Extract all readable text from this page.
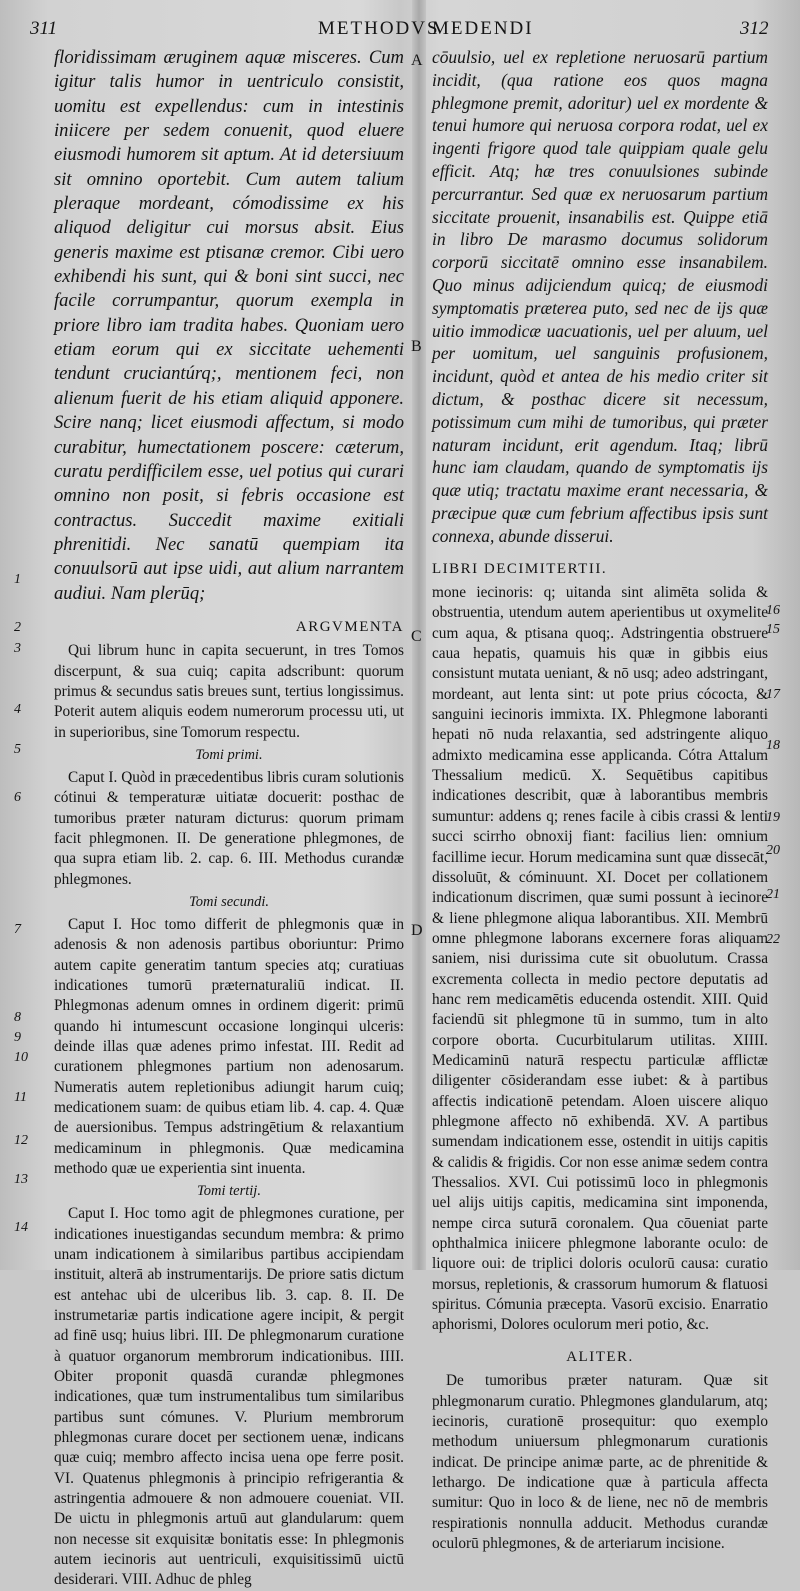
311	METHODVS
MEDENDI	312

floridissimam æruginem aquæ misceres. Cum igitur talis humor in uentriculo consistit, uomitu est expellendus: cum in intestinis iniicere per sedem conuenit, quod eluere eiusmodi humorem sit aptum. At id detersiuum sit omnino oportebit. Cum autem talium pleraque mordeant, cómodissime ex his aliquod deligitur cui morsus absit. Eius generis maxime est ptisanæ cremor. Cibi uero exhibendi his sunt, qui & boni sint succi, nec facile corrumpantur, quorum exempla in priore libro iam tradita habes. Quoniam uero etiam eorum qui ex siccitate uehementi tendunt cruciantúrq;, mentionem feci, non alienum fuerit de his etiam aliquid apponere. Scire nanq; licet eiusmodi affectum, si modo curabitur, humectationem poscere: cæterum, curatu perdifficilem esse, uel potius qui curari omnino non posit, si febris occasione est contractus. Succedit maxime exitiali phrenitidi. Nec sanatū quempiam ita conuulsorū aut ipse uidi, aut alium narrantem audiui. Nam plerūq;

ARGVMENTA

Qui librum hunc in capita secuerunt, in tres Tomos discerpunt, & sua cuiq; capita adscribunt: quorum primus & secundus satis breues sunt, tertius longissimus. Poterit autem aliquis eodem numerorum processu uti, ut in superioribus, sine Tomorum respectu.

Tomi primi.

Caput I. Quòd in præcedentibus libris curam solutionis cótinui & temperaturæ uitiatæ docuerit: posthac de tumoribus præter naturam dicturus: quorum primam facit phlegmonen. II. De generatione phlegmones, de qua supra etiam lib. 2. cap. 6. III. Methodus curandæ phlegmones.

Tomi secundi.

Caput I. Hoc tomo differit de phlegmonis quæ in adenosis & non adenosis partibus oboriuntur: Primo autem capite generatim tantum species atq; curatiuas indicationes tumorū præternaturaliū indicat. II. Phlegmonas adenum omnes in ordinem digerit: primū quando hi intumescunt occasione longinqui ulceris: deinde illas quæ adenes primo infestat. III. Redit ad curationem phlegmones partium non adenosarum. Numeratis autem repletionibus adiungit harum cuiq; medicationem suam: de quibus etiam lib. 4. cap. 4. Quæ de auersionibus. Tempus adstringētium & relaxantium medicaminum in phlegmonis. Quæ medicamina methodo quæ ue experientia sint inuenta.

Tomi tertij.

Caput I. Hoc tomo agit de phlegmones curatione, per indicationes inuestigandas secundum membra: & primo unam indicationem à similaribus partibus accipiendam instituit, alterā ab instrumentarijs. De priore satis dictum est antehac ubi de ulceribus lib. 3. cap. 8. II. De instrumetariæ partis indicatione agere incipit, & pergit ad finē usq; huius libri. III. De phlegmonarum curatione à quatuor organorum membrorum indicationibus. IIII. Obiter proponit quasdā curandæ phlegmones indicationes, quæ tum instrumentalibus tum similaribus partibus sunt cómunes. V. Plurium membrorum phlegmonas curare docet per sectionem uenæ, indicans quæ cuiq; membro affecto incisa uena ope ferre posit. VI. Quatenus phlegmonis à principio refrigerantia & astringentia admouere & non admouere coueniat. VII. De uictu in phlegmonis artuū aut glandularum: quem non necesse sit exquisitæ bonitatis esse: In phlegmonis autem iecinoris aut uentriculi, exquisitissimū uictū desiderari. VIII. Adhuc de phleg

A
B
C
D
1
2
3
4
5
6
7
8
9
10
11
12
13
14

cōuulsio, uel ex repletione neruosarū partium incidit, (qua ratione eos quos magna phlegmone premit, adoritur) uel ex mordente & tenui humore qui neruosa corpora rodat, uel ex ingenti frigore quod tale quippiam quale gelu efficit. Atq; hæ tres conuulsiones subinde percurrantur. Sed quæ ex neruosarum partium siccitate prouenit, insanabilis est. Quippe etiā in libro De marasmo documus solidorum corporū siccitatē omnino esse insanabilem. Quo minus adijciendum quicq; de eiusmodi symptomatis præterea puto, sed nec de ijs quæ uitio immodicæ uacuationis, uel per aluum, uel per uomitum, uel sanguinis profusionem, incidunt, quòd et antea de his medio criter sit dictum, & posthac dicere sit necessum, potissimum cum mihi de tumoribus, qui præter naturam incidunt, erit agendum. Itaq; librū hunc iam claudam, quando de symptomatis ijs quæ utiq; tractatu maxime erant necessaria, & præcipue quæ cum febrium affectibus ipsis sunt connexa, abunde disserui.

LIBRI DECIMITERTII.

mone iecinoris: q; uitanda sint alimēta solida & obstruentia, utendum autem aperientibus ut oxymelite cum aqua, & ptisana quoq;. Adstringentia obstruere caua hepatis, quamuis his quæ in gibbis eius consistunt mutata ueniant, & nō usq; adeo adstringant, mordeant, aut lenta sint: ut pote prius cócocta, & sanguini iecinoris immixta. IX. Phlegmone laboranti hepati nō nuda relaxantia, sed adstringente aliquo admixto medicamina esse applicanda. Cótra Attalum Thessalium medicū. X. Sequētibus capitibus indicationes describit, quæ à laborantibus membris sumuntur: addens q; renes facile à cibis crassi & lenti succi scirrho obnoxij fiant: facilius lien: omnium facillime iecur. Horum medicamina sunt quæ dissecāt, dissoluūt, & cóminuunt. XI. Docet per collationem indicationum discrimen, quæ sumi possunt à iecinore & liene phlegmone aliqua laborantibus. XII. Membrū omne phlegmone laborans excernere foras aliquam saniem, nisi durissima cute sit obuolutum. Crassa excrementa collecta in medio pectore deputatis ad hanc rem medicamētis educenda ostendit. XIII. Quid faciendū sit phlegmone tū in summo, tum in alto corpore oborta. Cucurbitularum utilitas. XIIII. Medicaminū naturā respectu particulæ afflictæ diligenter cōsiderandam esse iubet: & à partibus affectis indicationē petendam. Aloen uiscere aliquo phlegmone affecto nō exhibendā. XV. A partibus sumendam indicationem esse, ostendit in uitijs capitis & calidis & frigidis. Cor non esse animæ sedem contra Thessalios. XVI. Cui potissimū loco in phlegmonis uel alijs uitijs capitis, medicamina sint imponenda, nempe circa suturā coronalem. Qua cōueniat parte ophthalmica iniicere phlegmone laborante oculo: de liquore oui: de triplici doloris oculorū causa: curatio morsus, repletionis, & crassorum humorum & flatuosi spiritus. Cómunia præcepta. Vasorū excisio. Enarratio aphorismi, Dolores oculorum meri potio, &c.

ALITER.

De tumoribus præter naturam. Quæ sit phlegmonarum curatio. Phlegmones glandularum, atq; iecinoris, curationē prosequitur: quo exemplo methodum uniuersum phlegmonarum curationis indicat. De principe animæ parte, ac de phrenitide & lethargo. De indicatione quæ à particula affecta sumitur: Quo in loco & de liene, nec nō de membris respirationis nonnulla adducit. Methodus curandæ oculorū phlegmones, & de arteriarum incisione.

15
16
17
18
19
20
21
22
